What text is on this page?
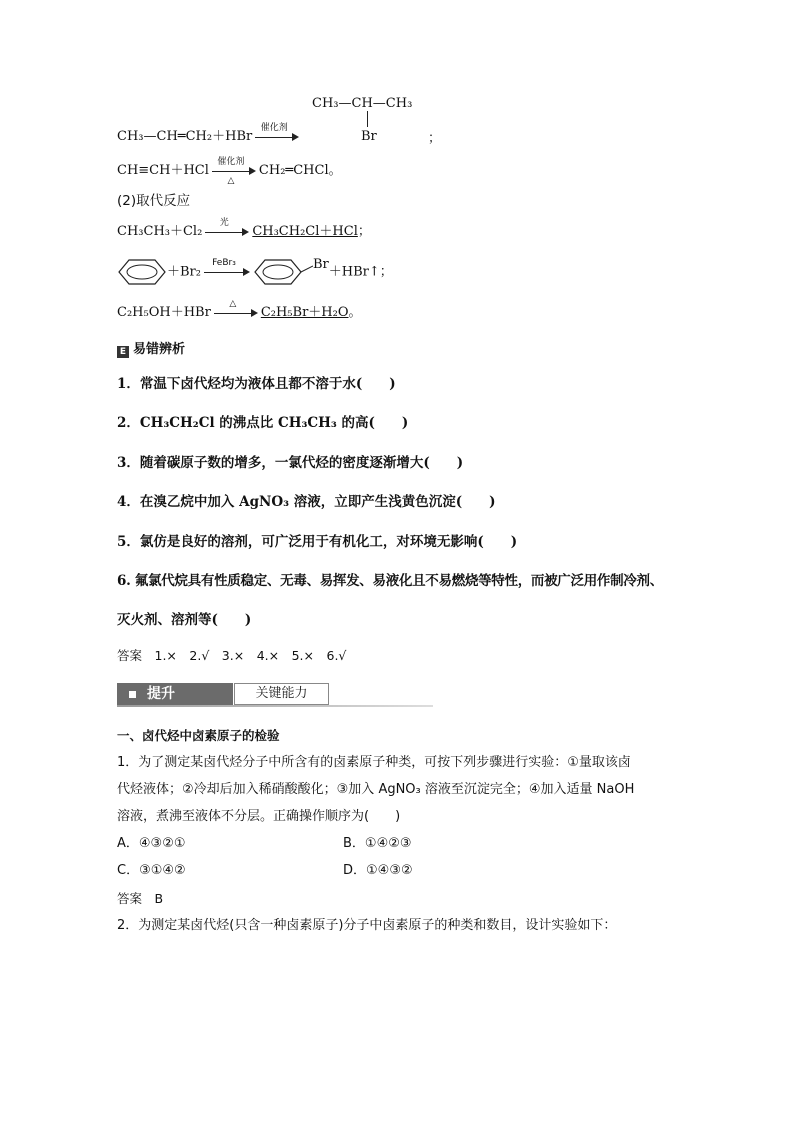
CH₃—CH—CH₃
Br
CH₃—CH═CH₂＋HBr
催化剂
；
CH≡CH＋HCl
催化剂
△
CH₂═CHCl。
(2)取代反应
CH₃CH₃＋Cl₂
光
CH₃CH₂Cl＋HCl；
＋Br₂
FeBr₃	Br＋HBr↑；
C₂H₅OH＋HBr
△
C₂H₅Br＋H₂O。
E 易错辨析
1．常温下卤代烃均为液体且都不溶于水(　　)
2．CH₃CH₂Cl 的沸点比 CH₃CH₃ 的高(　　)
3．随着碳原子数的增多，一氯代烃的密度逐渐增大(　　)
4．在溴乙烷中加入 AgNO₃ 溶液，立即产生浅黄色沉淀(　　)
5．氯仿是良好的溶剂，可广泛用于有机化工，对环境无影响(　　)
6. 氟氯代烷具有性质稳定、无毒、易挥发、易液化且不易燃烧等特性，而被广泛用作制冷剂、
灭火剂、溶剂等(　　)
答案　1.×　2.√　3.×　4.×　5.×　6.√
提升	关键能力
一、卤代烃中卤素原子的检验
1．为了测定某卤代烃分子中所含有的卤素原子种类，可按下列步骤进行实验：①量取该卤
代烃液体；②冷却后加入稀硝酸酸化；③加入 AgNO₃ 溶液至沉淀完全；④加入适量 NaOH
溶液，煮沸至液体不分层。正确操作顺序为(　　)
A．④③②①	B．①④②③
C．③①④②	D．①④③②
答案　B
2．为测定某卤代烃(只含一种卤素原子)分子中卤素原子的种类和数目，设计实验如下：
